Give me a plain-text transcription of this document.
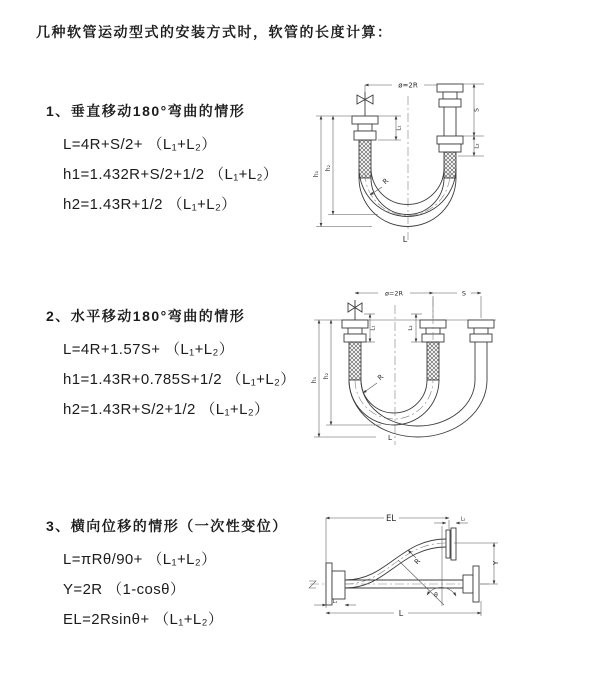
几种软管运动型式的安装方式时，软管的长度计算：

1、垂直移动180°弯曲的情形

L=4R+S/2+ （L₁+L₂）

h1=1.432R+S/2+1/2 （L₁+L₂）

h2=1.43R+1/2 （L₁+L₂）

ø=2R
h₁
h₂
L₁
S
L₂
R
L

2、水平移动180°弯曲的情形

L=4R+1.57S+ （L₁+L₂）

h1=1.43R+0.785S+1/2 （L₁+L₂）

h2=1.43R+S/2+1/2 （L₁+L₂）

ø=2R	S
h₁
h₂
L₁	L₂
R
L

3、横向位移的情形（一次性变位）

L=πRθ/90+ （L₁+L₂）

Y=2R （1-cosθ）

EL=2Rsinθ+ （L₁+L₂）

EL	L₂
Y
θ
R
L
L₁
